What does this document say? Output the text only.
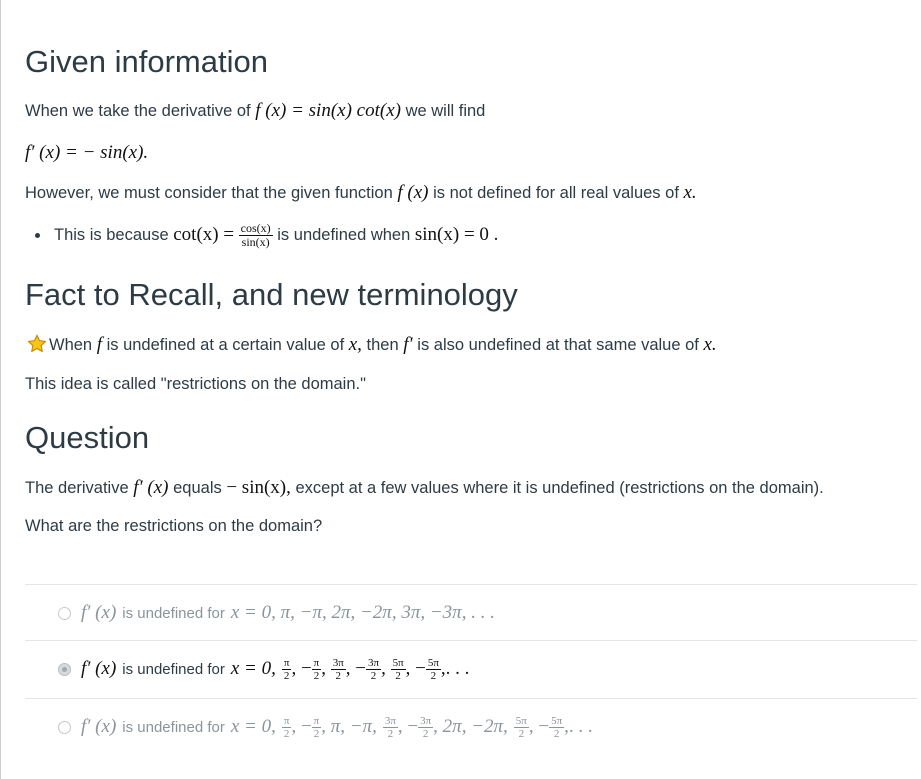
Given information

When we take the derivative of f (x) = sin(x) cot(x) we will find

f′ (x) = − sin(x).

However, we must consider that the given function f (x) is not defined for all real values of x.

This is because $\cot(x) = \frac{\cos(x)}{\sin(x)}$ is undefined when sin(x) = 0 .

Fact to Recall, and new terminology

When f is undefined at a certain value of x, then f′ is also undefined at that same value of x.

This idea is called "restrictions on the domain."

Question

The derivative f′ (x) equals − sin(x), except at a few values where it is undefined (restrictions on the domain).

What are the restrictions on the domain?

f′ (x) is undefined for x = 0, π, −π, 2π, −2π, 3π, −3π, . . .
f′ (x) is undefined for x = 0, $\frac{\pi}{2}$ , − $\frac{\pi}{2}$ , $\frac{3\pi}{2}$ , − $\frac{3\pi}{2}$ , $\frac{5\pi}{2}$ , − $\frac{5\pi}{2}$ , . . .
f′ (x) is undefined for x = 0, $\frac{\pi}{2}$ , − $\frac{\pi}{2}$ , π, −π, $\frac{3\pi}{2}$ , − $\frac{3\pi}{2}$ , 2π, −2π, $\frac{5\pi}{2}$ , − $\frac{5\pi}{2}$ , . . .
